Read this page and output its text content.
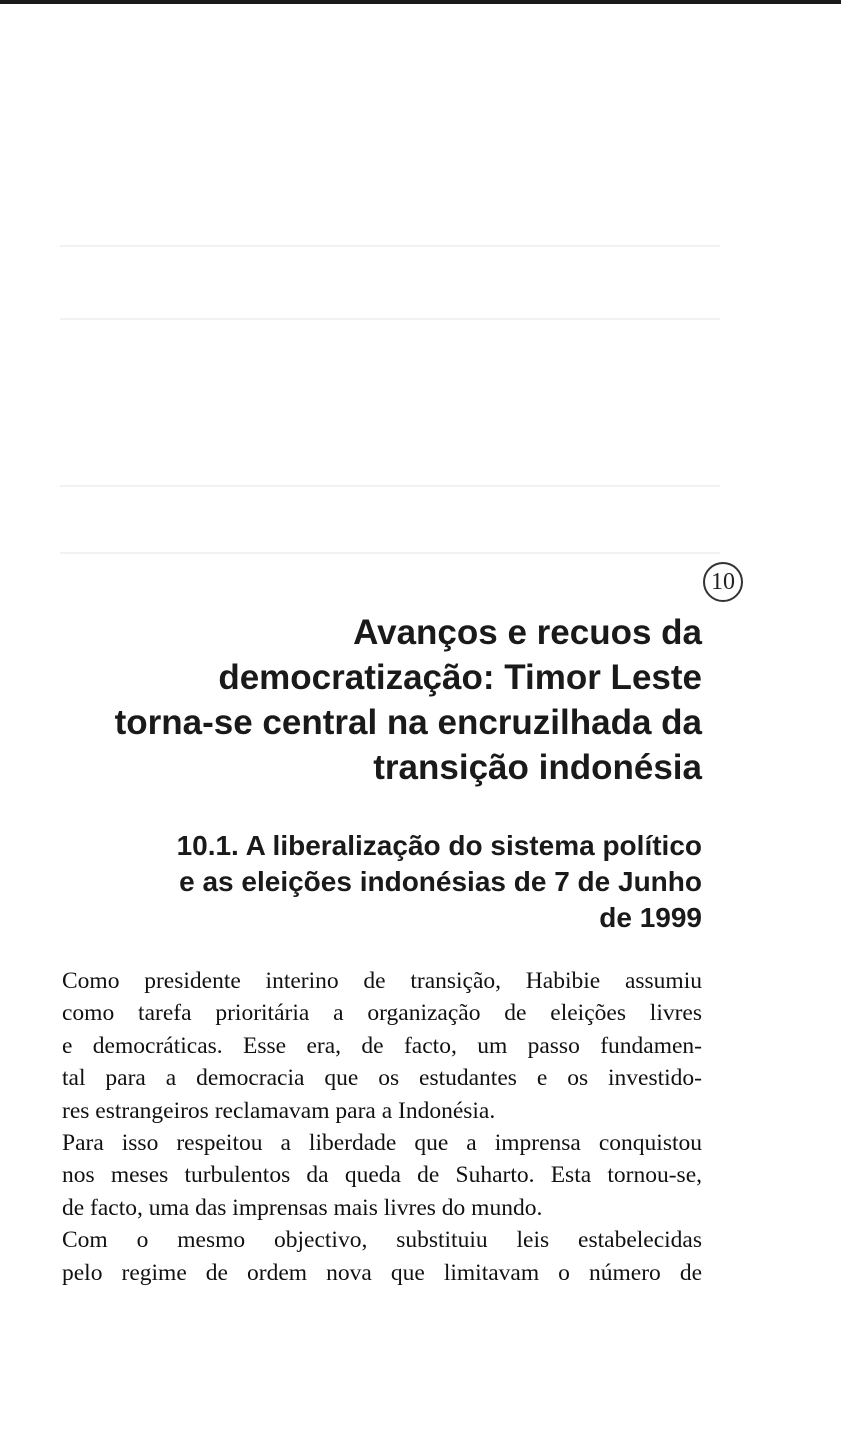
10
Avanços e recuos da
democratização: Timor Leste
torna-se central na encruzilhada da
transição indonésia
10.1. A liberalização do sistema político
e as eleições indonésias de 7 de Junho
de 1999
Como presidente interino de transição, Habibie assumiu
como tarefa prioritária a organização de eleições livres
e democráticas. Esse era, de facto, um passo fundamen-
tal para a democracia que os estudantes e os investido-
res estrangeiros reclamavam para a Indonésia.
Para isso respeitou a liberdade que a imprensa conquistou
nos meses turbulentos da queda de Suharto. Esta tornou-se,
de facto, uma das imprensas mais livres do mundo.
Com o mesmo objectivo, substituiu leis estabelecidas
pelo regime de ordem nova que limitavam o número de
